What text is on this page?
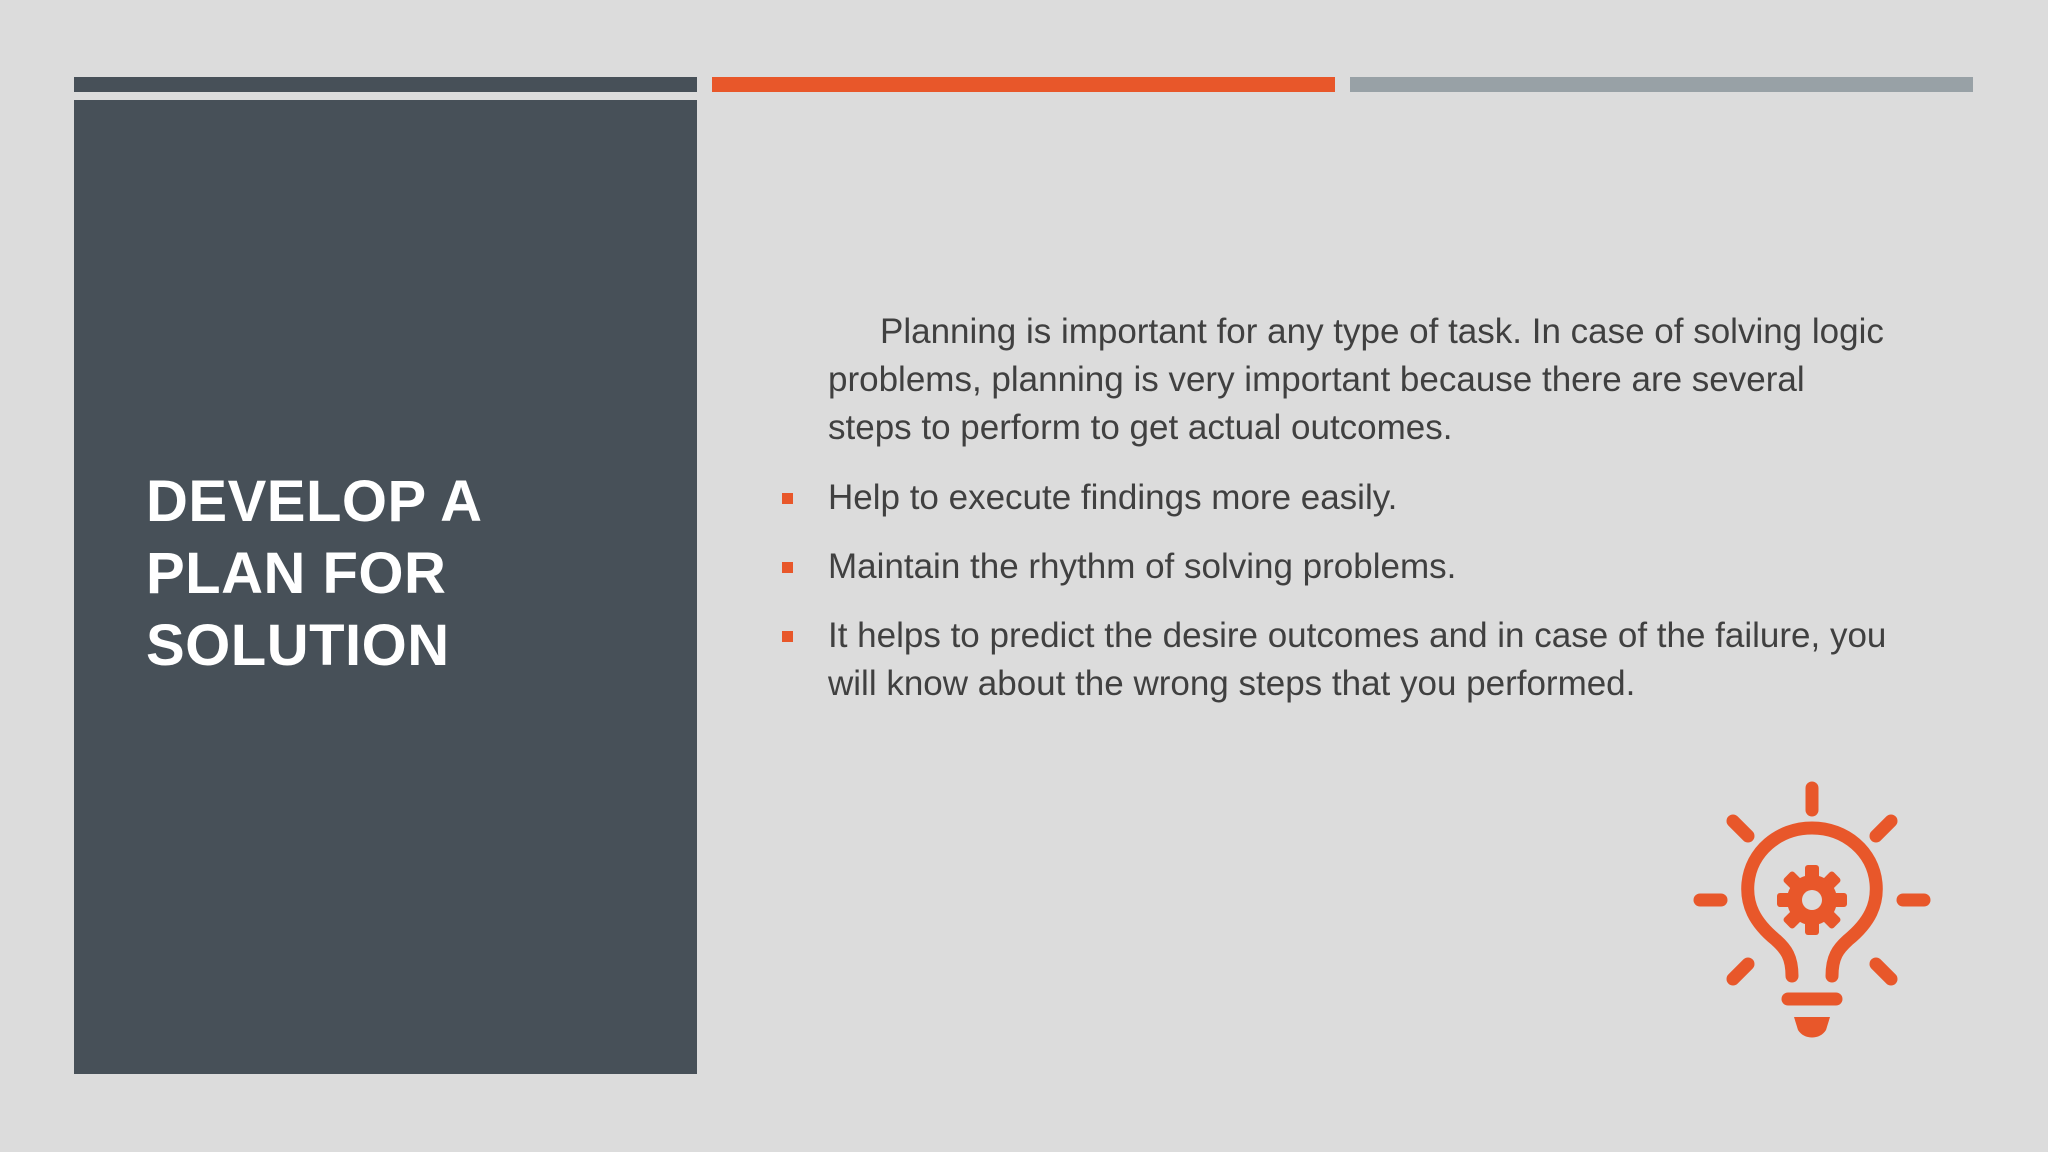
DEVELOP A
PLAN FOR
SOLUTION

Planning is important for any type of task. In case of solving logic problems, planning is very important because there are several steps to perform to get actual outcomes.

Help to execute findings more easily.
Maintain the rhythm of solving problems.
It helps to predict the desire outcomes and in case of the failure, you will know about the wrong steps that you performed.
